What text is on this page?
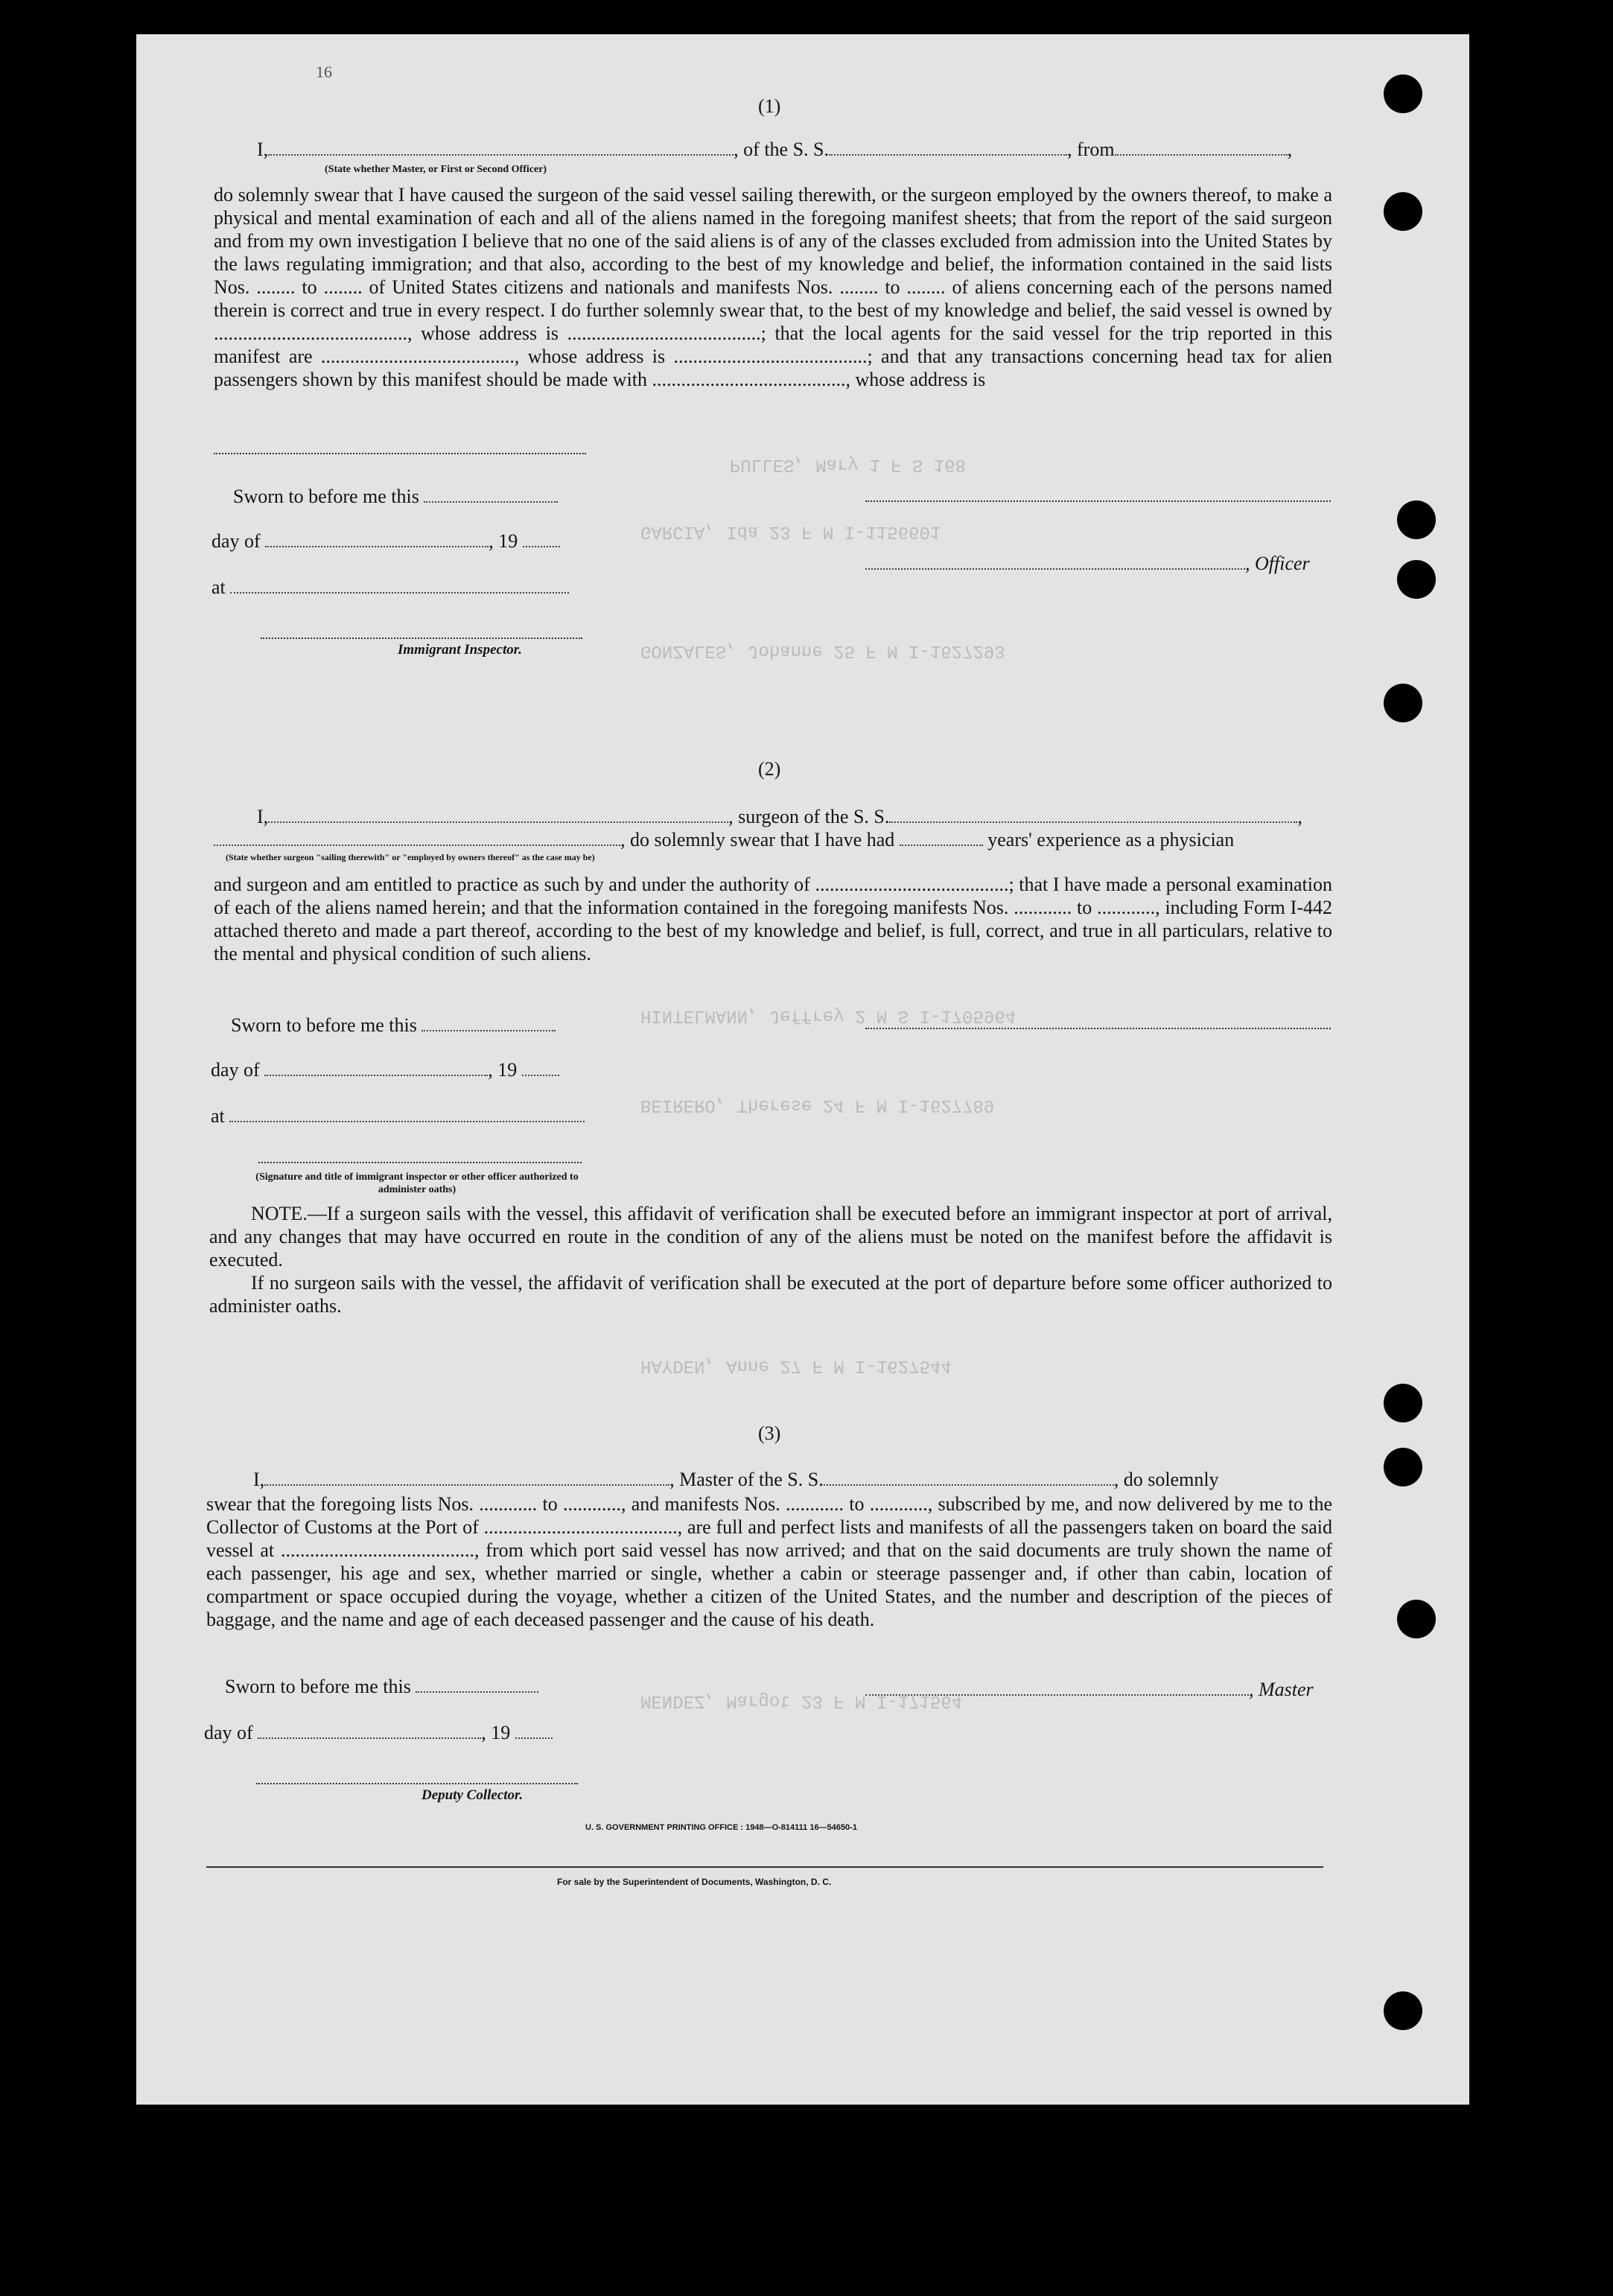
PULLES, Mary 1 F S 168
GARCIA, Ida 23 F M I-1156601
GONZALES, Johanne 25 F M I-1627293
HINTELMANN, Jeffrey 2 M S I-1705964
BEIRERO, Therese 24 F M I-1627789
HAYDEN, Anne 27 F M I-1627544
MENDEZ, Margot 23 F M I-171564
16
(1)
I,	, of the S. S.	, from	,
(State whether Master, or First or Second Officer)

do solemnly swear that I have caused the surgeon of the said vessel sailing therewith, or the surgeon employed by the owners thereof, to make a physical and mental examination of each and all of the aliens named in the foregoing manifest sheets; that from the report of the said surgeon and from my own investigation I believe that no one of the said aliens is of any of the classes excluded from admission into the United States by the laws regulating immigration; and that also, according to the best of my knowledge and belief, the information contained in the said lists Nos. ........ to ........ of United States citizens and nationals and manifests Nos. ........ to ........ of aliens concerning each of the persons named therein is correct and true in every respect. I do further solemnly swear that, to the best of my knowledge and belief, the said vessel is owned by ........................................, whose address is ........................................; that the local agents for the said vessel for the trip reported in this manifest are ........................................, whose address is ........................................; and that any transactions concerning head tax for alien passengers shown by this manifest should be made with ........................................, whose address is

Sworn to before me this
day of	, 19
, Officer
at
Immigrant Inspector.
(2)
I,	, surgeon of the S. S.	,
, do solemnly swear that I have had	years' experience as a physician
(State whether surgeon "sailing therewith" or "employed by owners thereof" as the case may be)

and surgeon and am entitled to practice as such by and under the authority of ........................................; that I have made a personal examination of each of the aliens named herein; and that the information contained in the foregoing manifests Nos. ............ to ............, including Form I-442 attached thereto and made a part thereof, according to the best of my knowledge and belief, is full, correct, and true in all particulars, relative to the mental and physical condition of such aliens.

Sworn to before me this
day of	, 19
at
(Signature and title of immigrant inspector or other officer authorized to administer oaths)

NOTE.—If a surgeon sails with the vessel, this affidavit of verification shall be executed before an immigrant inspector at port of arrival, and any changes that may have occurred en route in the condition of any of the aliens must be noted on the manifest before the affidavit is executed.

If no surgeon sails with the vessel, the affidavit of verification shall be executed at the port of departure before some officer authorized to administer oaths.

(3)
I,	, Master of the S. S.	, do solemnly

swear that the foregoing lists Nos. ............ to ............, and manifests Nos. ............ to ............, subscribed by me, and now delivered by me to the Collector of Customs at the Port of ........................................, are full and perfect lists and manifests of all the passengers taken on board the said vessel at ........................................, from which port said vessel has now arrived; and that on the said documents are truly shown the name of each passenger, his age and sex, whether married or single, whether a cabin or steerage passenger and, if other than cabin, location of compartment or space occupied during the voyage, whether a citizen of the United States, and the number and description of the pieces of baggage, and the name and age of each deceased passenger and the cause of his death.

Sworn to before me this	, Master
day of	, 19
Deputy Collector.
U. S. GOVERNMENT PRINTING OFFICE : 1948—O-814111 16—54650-1
For sale by the Superintendent of Documents, Washington, D. C.
